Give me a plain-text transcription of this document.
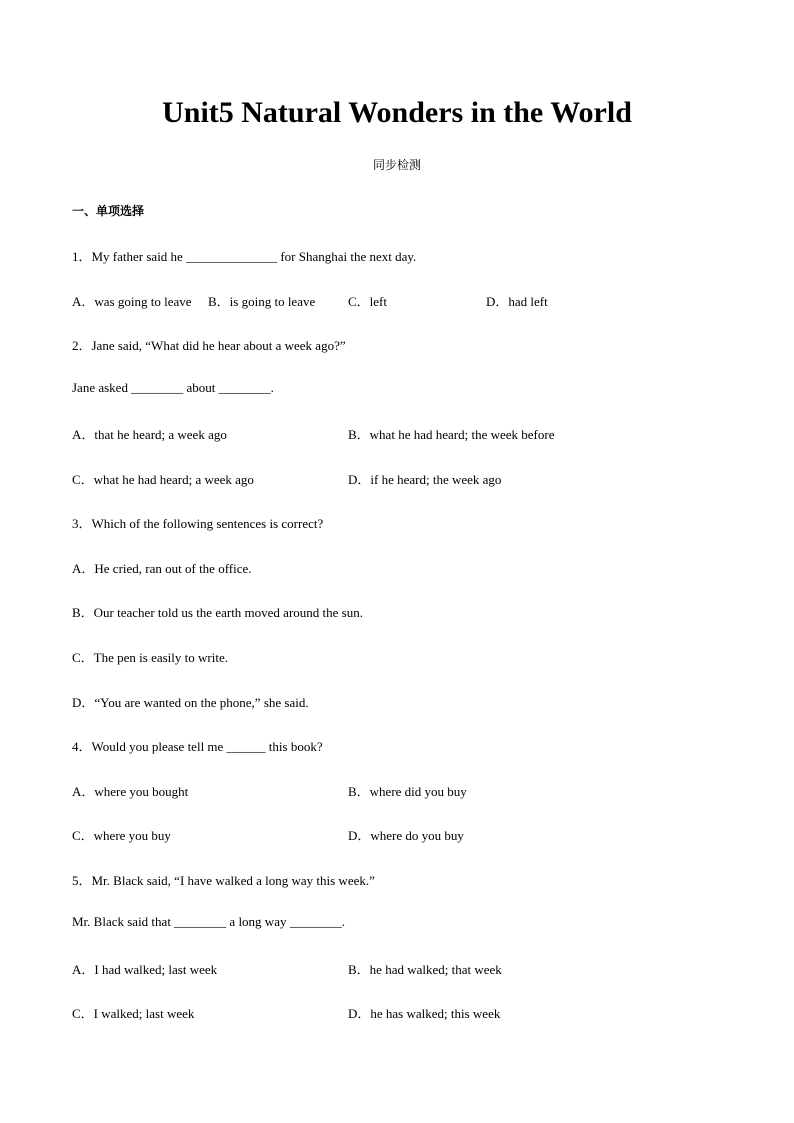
Unit5 Natural Wonders in the World
同步检测
一、单项选择
1．My father said he ______________ for Shanghai the next day.
A．was going to leave B．is going to leave	C．left	D．had left
2．Jane said, “What did he hear about a week ago?”
Jane asked ________ about ________.
A．that he heard; a week ago	B．what he had heard; the week before
C．what he had heard; a week ago	D．if he heard; the week ago
3．Which of the following sentences is correct?
A．He cried, ran out of the office.
B．Our teacher told us the earth moved around the sun.
C．The pen is easily to write.
D．“You are wanted on the phone,” she said.
4．Would you please tell me ______ this book?
A．where you bought	B．where did you buy
C．where you buy	D．where do you buy
5．Mr. Black said, “I have walked a long way this week.”
Mr. Black said that ________ a long way ________.
A．I had walked; last week	B．he had walked; that week
C．I walked; last week	D．he has walked; this week
